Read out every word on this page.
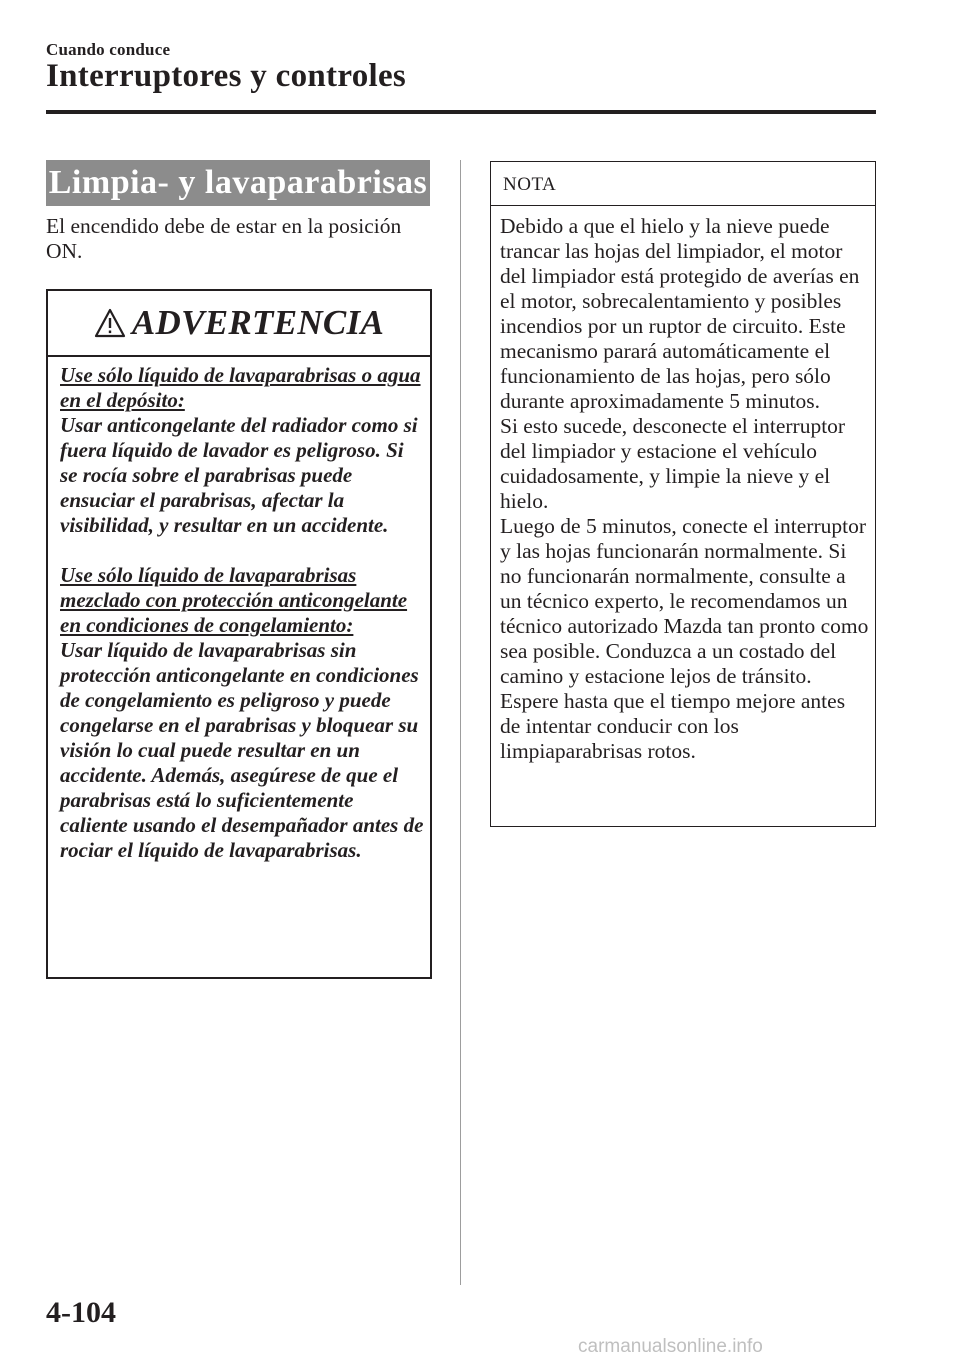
Cuando conduce
Interruptores y controles
Limpia- y lavaparabrisas
El encendido debe de estar en la posición ON.
ADVERTENCIA

Use sólo líquido de lavaparabrisas o agua en el depósito:

Usar anticongelante del radiador como si fuera líquido de lavador es peligroso. Si se rocía sobre el parabrisas puede ensuciar el parabrisas, afectar la visibilidad, y resultar en un accidente.

Use sólo líquido de lavaparabrisas mezclado con protección anticongelante en condiciones de congelamiento:

Usar líquido de lavaparabrisas sin protección anticongelante en condiciones de congelamiento es peligroso y puede congelarse en el parabrisas y bloquear su visión lo cual puede resultar en un accidente. Además, asegúrese de que el parabrisas está lo suficientemente caliente usando el desempañador antes de rociar el líquido de lavaparabrisas.

NOTA

Debido a que el hielo y la nieve puede trancar las hojas del limpiador, el motor del limpiador está protegido de averías en el motor, sobrecalentamiento y posibles incendios por un ruptor de circuito. Este mecanismo parará automáticamente el funcionamiento de las hojas, pero sólo durante aproximadamente 5 minutos.

Si esto sucede, desconecte el interruptor del limpiador y estacione el vehículo cuidadosamente, y limpie la nieve y el hielo.

Luego de 5 minutos, conecte el interruptor y las hojas funcionarán normalmente. Si no funcionarán normalmente, consulte a un técnico experto, le recomendamos un técnico autorizado Mazda tan pronto como sea posible. Conduzca a un costado del camino y estacione lejos de tránsito. Espere hasta que el tiempo mejore antes de intentar conducir con los limpiaparabrisas rotos.

4-104
carmanualsonline.info
